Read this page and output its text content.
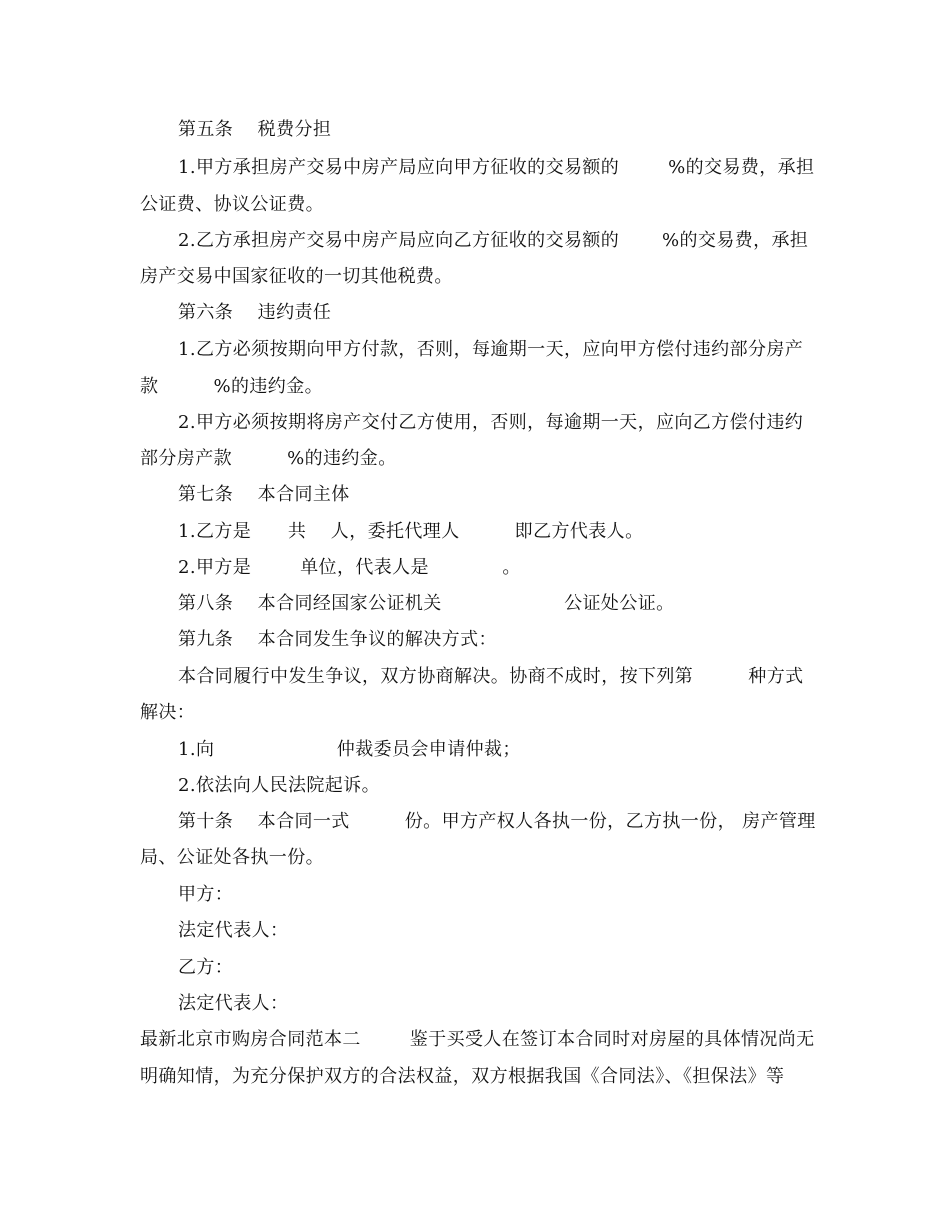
第五条    税费分担
1.甲方承担房产交易中房产局应向甲方征收的交易额的        %的交易费，承担
公证费、协议公证费。
2.乙方承担房产交易中房产局应向乙方征收的交易额的       %的交易费，承担
房产交易中国家征收的一切其他税费。
第六条    违约责任
1.乙方必须按期向甲方付款，否则，每逾期一天，应向甲方偿付违约部分房产
款         %的违约金。
2.甲方必须按期将房产交付乙方使用，否则，每逾期一天，应向乙方偿付违约
部分房产款         %的违约金。
第七条    本合同主体
1.乙方是      共    人，委托代理人         即乙方代表人。
2.甲方是        单位，代表人是            。
第八条    本合同经国家公证机关                    公证处公证。
第九条    本合同发生争议的解决方式：
本合同履行中发生争议，双方协商解决。协商不成时，按下列第         种方式
解决：
1.向                    仲裁委员会申请仲裁；
2.依法向人民法院起诉。
第十条    本合同一式         份。甲方产权人各执一份，乙方执一份， 房产管理
局、公证处各执一份。
甲方：
法定代表人：
乙方：
法定代表人：
最新北京市购房合同范本二        鉴于买受人在签订本合同时对房屋的具体情况尚无
明确知情，为充分保护双方的合法权益，双方根据我国《合同法》、《担保法》等
